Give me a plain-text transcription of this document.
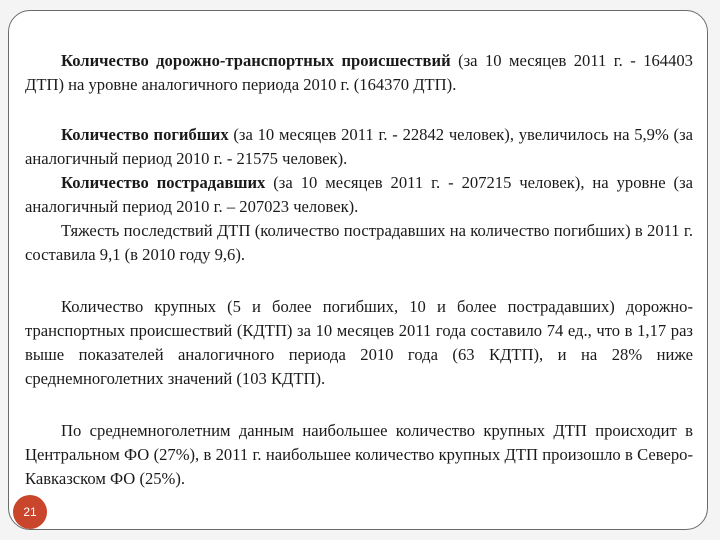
Количество дорожно-транспортных происшествий (за 10 месяцев 2011 г. - 164403 ДТП) на уровне аналогичного периода 2010 г. (164370 ДТП).

Количество погибших (за 10 месяцев 2011 г. - 22842 человек), увеличилось на 5,9% (за аналогичный период 2010 г. - 21575 человек).

Количество пострадавших (за 10 месяцев 2011 г. - 207215 человек), на уровне (за аналогичный период 2010 г. – 207023 человек).

Тяжесть последствий ДТП (количество пострадавших на количество погибших) в 2011 г. составила 9,1 (в 2010 году 9,6).

Количество крупных (5 и более погибших, 10 и более пострадавших) дорожно-транспортных происшествий (КДТП) за 10 месяцев 2011 года составило 74 ед., что в 1,17 раз выше показателей аналогичного периода 2010 года (63 КДТП), и на 28% ниже среднемноголетних значений (103 КДТП).

По среднемноголетним данным наибольшее количество крупных ДТП происходит в Центральном ФО (27%), в 2011 г. наибольшее количество крупных ДТП произошло в Северо-Кавказском ФО (25%).

21
